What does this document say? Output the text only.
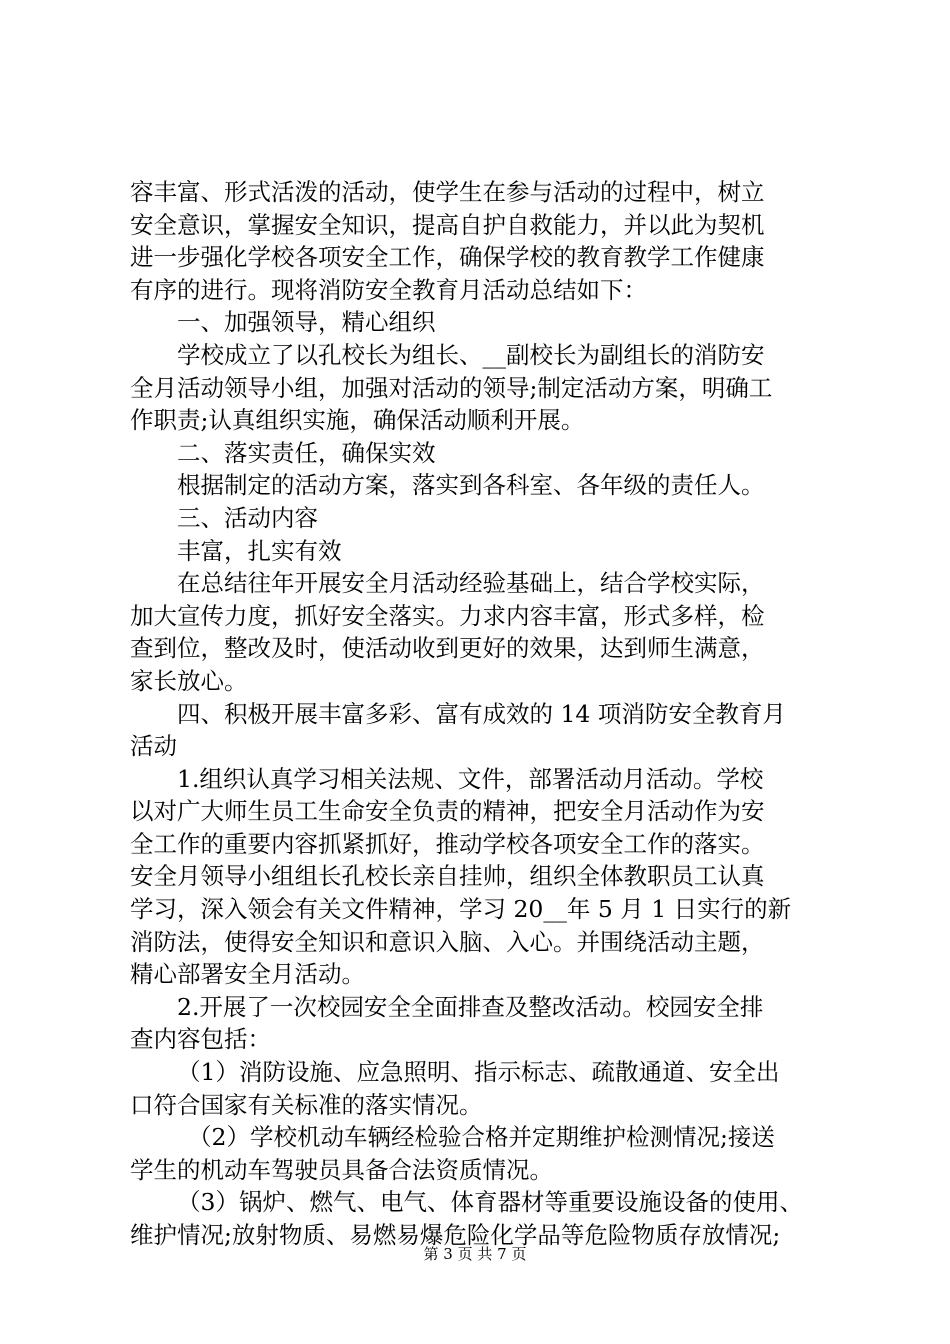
容丰富、形式活泼的活动，使学生在参与活动的过程中，树立
安全意识，掌握安全知识，提高自护自救能力，并以此为契机
进一步强化学校各项安全工作，确保学校的教育教学工作健康
有序的进行。现将消防安全教育月活动总结如下：
一、加强领导，精心组织
学校成立了以孔校长为组长、__副校长为副组长的消防安
全月活动领导小组，加强对活动的领导;制定活动方案，明确工
作职责;认真组织实施，确保活动顺利开展。
二、落实责任，确保实效
根据制定的活动方案，落实到各科室、各年级的责任人。
三、活动内容
丰富，扎实有效
在总结往年开展安全月活动经验基础上，结合学校实际，
加大宣传力度，抓好安全落实。力求内容丰富，形式多样，检
查到位，整改及时，使活动收到更好的效果，达到师生满意，
家长放心。
四、积极开展丰富多彩、富有成效的 14 项消防安全教育月
活动
1.组织认真学习相关法规、文件，部署活动月活动。学校
以对广大师生员工生命安全负责的精神，把安全月活动作为安
全工作的重要内容抓紧抓好，推动学校各项安全工作的落实。
安全月领导小组组长孔校长亲自挂帅，组织全体教职员工认真
学习，深入领会有关文件精神，学习 20__年 5 月 1 日实行的新
消防法，使得安全知识和意识入脑、入心。并围绕活动主题，
精心部署安全月活动。
2.开展了一次校园安全全面排查及整改活动。校园安全排
查内容包括：
（1）消防设施、应急照明、指示标志、疏散通道、安全出
口符合国家有关标准的落实情况。
（2）学校机动车辆经检验合格并定期维护检测情况;接送
学生的机动车驾驶员具备合法资质情况。
（3）锅炉、燃气、电气、体育器材等重要设施设备的使用、
维护情况;放射物质、易燃易爆危险化学品等危险物质存放情况;
第 3 页 共 7 页
